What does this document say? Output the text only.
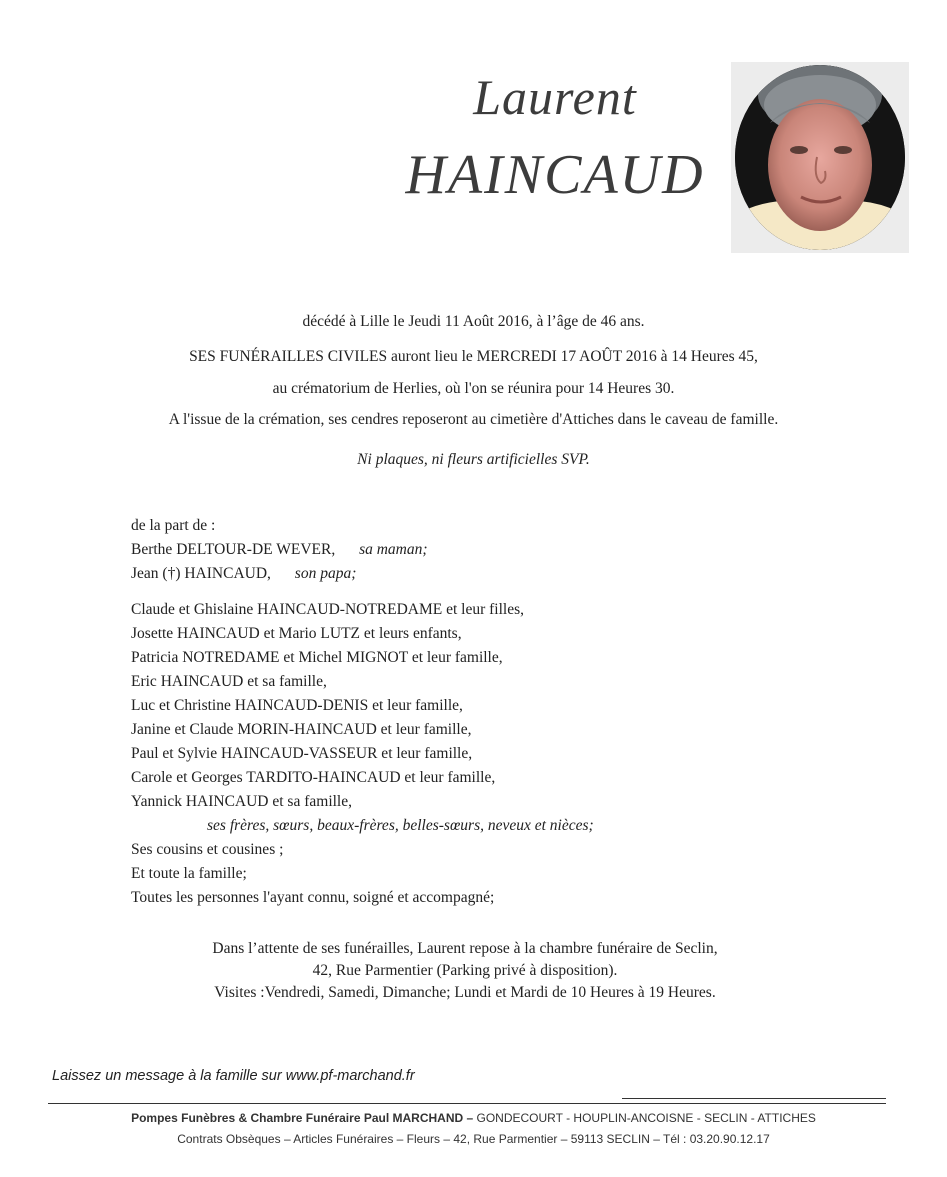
Laurent
HAINCAUD
décédé à Lille le Jeudi 11 Août 2016, à l’âge de 46 ans.
SES FUNÉRAILLES CIVILES auront lieu le MERCREDI 17 AOÛT 2016 à 14 Heures 45,
au crématorium de Herlies, où l'on se réunira pour 14 Heures 30.
A l'issue de la crémation, ses cendres reposeront au cimetière d'Attiches dans le caveau de famille.
Ni plaques, ni fleurs artificielles SVP.
de la part de :
Berthe DELTOUR-DE WEVER, sa maman;
Jean (†) HAINCAUD, son papa;
Claude et Ghislaine HAINCAUD-NOTREDAME et leur filles,
Josette HAINCAUD et Mario LUTZ et leurs enfants,
Patricia NOTREDAME et Michel MIGNOT et leur famille,
Eric HAINCAUD et sa famille,
Luc et Christine HAINCAUD-DENIS et leur famille,
Janine et Claude MORIN-HAINCAUD et leur famille,
Paul et Sylvie HAINCAUD-VASSEUR et leur famille,
Carole et Georges TARDITO-HAINCAUD et leur famille,
Yannick HAINCAUD et sa famille,
ses frères, sœurs, beaux-frères, belles-sœurs, neveux et nièces;
Ses cousins et cousines ;
Et toute la famille;
Toutes les personnes l'ayant connu, soigné et accompagné;
Dans l’attente de ses funérailles, Laurent repose à la chambre funéraire de Seclin,
42, Rue Parmentier (Parking privé à disposition).
Visites :Vendredi, Samedi, Dimanche; Lundi et Mardi de 10 Heures à 19 Heures.
Laissez un message à la famille sur www.pf-marchand.fr
Pompes Funèbres & Chambre Funéraire Paul MARCHAND – GONDECOURT - HOUPLIN-ANCOISNE - SECLIN - ATTICHES
Contrats Obsèques – Articles Funéraires – Fleurs – 42, Rue Parmentier – 59113 SECLIN – Tél : 03.20.90.12.17
